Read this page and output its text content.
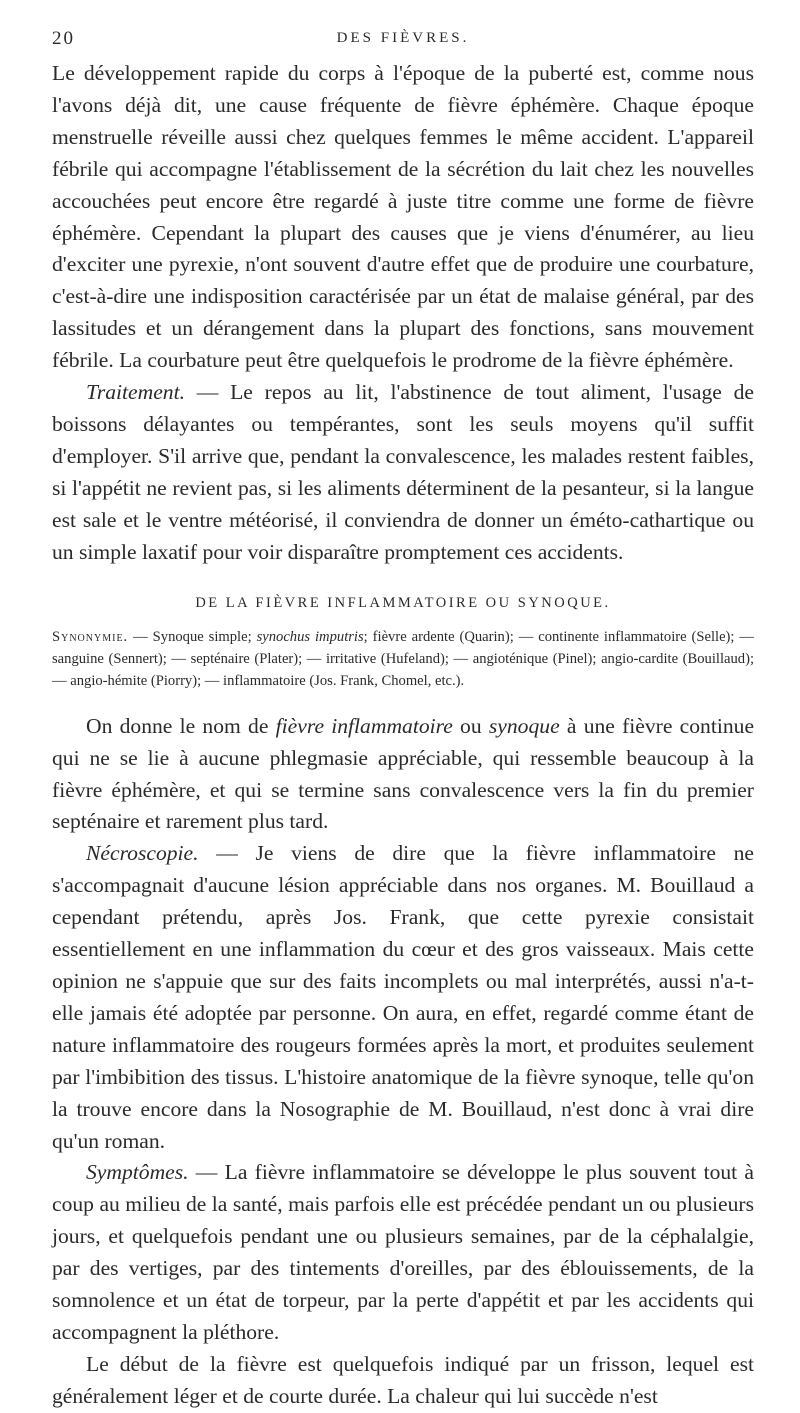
20	DES FIÈVRES.

Le développement rapide du corps à l'époque de la puberté est, comme nous l'avons déjà dit, une cause fréquente de fièvre éphémère. Chaque époque menstruelle réveille aussi chez quelques femmes le même accident. L'appareil fébrile qui accompagne l'établissement de la sécrétion du lait chez les nouvelles accouchées peut encore être regardé à juste titre comme une forme de fièvre éphémère. Cependant la plupart des causes que je viens d'énumérer, au lieu d'exciter une pyrexie, n'ont souvent d'autre effet que de produire une courbature, c'est-à-dire une indisposition caractérisée par un état de malaise général, par des lassitudes et un dérangement dans la plupart des fonctions, sans mouvement fébrile. La courbature peut être quelquefois le prodrome de la fièvre éphémère.

Traitement. — Le repos au lit, l'abstinence de tout aliment, l'usage de boissons délayantes ou tempérantes, sont les seuls moyens qu'il suffit d'employer. S'il arrive que, pendant la convalescence, les malades restent faibles, si l'appétit ne revient pas, si les aliments déterminent de la pesanteur, si la langue est sale et le ventre météorisé, il conviendra de donner un éméto-cathartique ou un simple laxatif pour voir disparaître promptement ces accidents.

DE LA FIÈVRE INFLAMMATOIRE OU SYNOQUE.
Synonymie. — Synoque simple; synochus imputris; fièvre ardente (Quarin); — continente inflammatoire (Selle); — sanguine (Sennert); — septénaire (Plater); — irritative (Hufeland); — angioténique (Pinel); angio-cardite (Bouillaud); — angio-hémite (Piorry); — inflammatoire (Jos. Frank, Chomel, etc.).

On donne le nom de fièvre inflammatoire ou synoque à une fièvre continue qui ne se lie à aucune phlegmasie appréciable, qui ressemble beaucoup à la fièvre éphémère, et qui se termine sans convalescence vers la fin du premier septénaire et rarement plus tard.

Nécroscopie. — Je viens de dire que la fièvre inflammatoire ne s'accompagnait d'aucune lésion appréciable dans nos organes. M. Bouillaud a cependant prétendu, après Jos. Frank, que cette pyrexie consistait essentiellement en une inflammation du cœur et des gros vaisseaux. Mais cette opinion ne s'appuie que sur des faits incomplets ou mal interprétés, aussi n'a-t-elle jamais été adoptée par personne. On aura, en effet, regardé comme étant de nature inflammatoire des rougeurs formées après la mort, et produites seulement par l'imbibition des tissus. L'histoire anatomique de la fièvre synoque, telle qu'on la trouve encore dans la Nosographie de M. Bouillaud, n'est donc à vrai dire qu'un roman.

Symptômes. — La fièvre inflammatoire se développe le plus souvent tout à coup au milieu de la santé, mais parfois elle est précédée pendant un ou plusieurs jours, et quelquefois pendant une ou plusieurs semaines, par de la céphalalgie, par des vertiges, par des tintements d'oreilles, par des éblouissements, de la somnolence et un état de torpeur, par la perte d'appétit et par les accidents qui accompagnent la pléthore.

Le début de la fièvre est quelquefois indiqué par un frisson, lequel est généralement léger et de courte durée. La chaleur qui lui succède n'est
